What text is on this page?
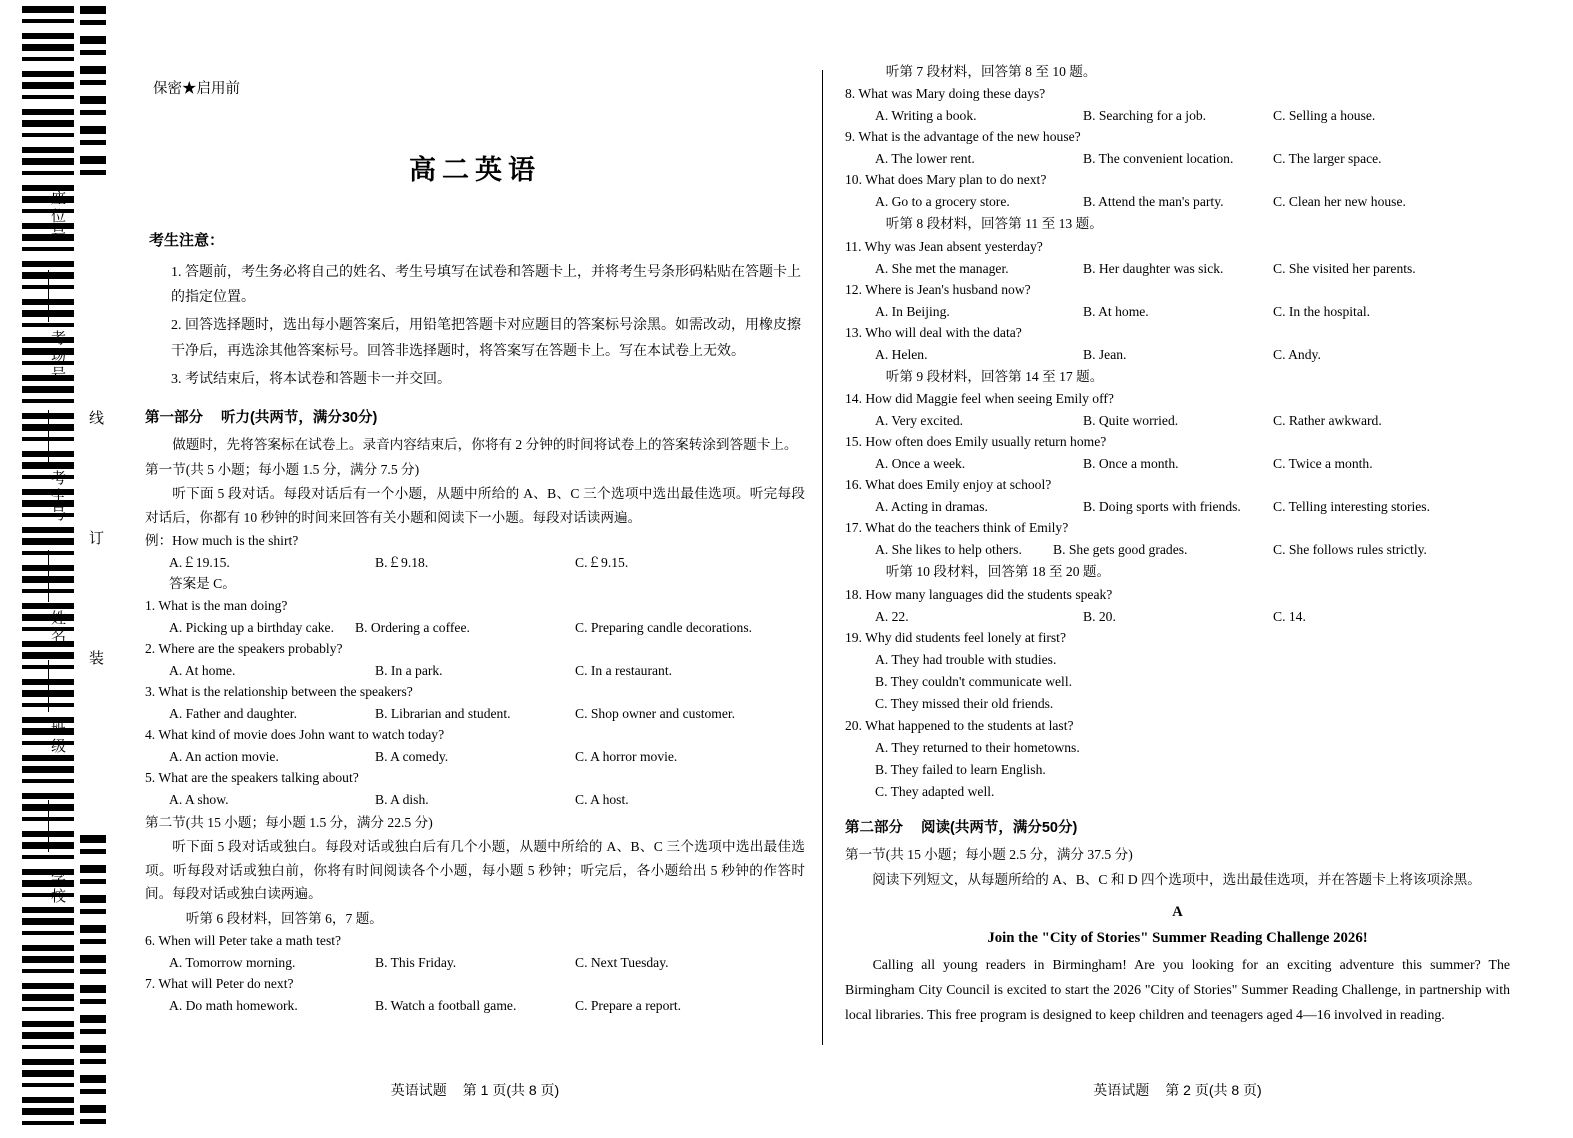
座位号
考场号
考生号
姓名
班级
学校
线
订
装
保密★启用前
高二英语
考生注意：
1. 答题前，考生务必将自己的姓名、考生号填写在试卷和答题卡上，并将考生号条形码粘贴在答题卡上的指定位置。
2. 回答选择题时，选出每小题答案后，用铅笔把答题卡对应题目的答案标号涂黑。如需改动，用橡皮擦干净后，再选涂其他答案标号。回答非选择题时，将答案写在答题卡上。写在本试卷上无效。
3. 考试结束后，将本试卷和答题卡一并交回。
第一部分 听力(共两节，满分30分)
做题时，先将答案标在试卷上。录音内容结束后，你将有 2 分钟的时间将试卷上的答案转涂到答题卡上。
第一节(共 5 小题；每小题 1.5 分，满分 7.5 分)
听下面 5 段对话。每段对话后有一个小题，从题中所给的 A、B、C 三个选项中选出最佳选项。听完每段对话后，你都有 10 秒钟的时间来回答有关小题和阅读下一小题。每段对话读两遍。
例：How much is the shirt?
A.￡19.15.	B.￡9.18.	C.￡9.15.
答案是 C。
1. What is the man doing?
A. Picking up a birthday cake. B. Ordering a coffee.	C. Preparing candle decorations.
2. Where are the speakers probably?
A. At home.	B. In a park.	C. In a restaurant.
3. What is the relationship between the speakers?
A. Father and daughter.	B. Librarian and student.	C. Shop owner and customer.
4. What kind of movie does John want to watch today?
A. An action movie.	B. A comedy.	C. A horror movie.
5. What are the speakers talking about?
A. A show.	B. A dish.	C. A host.
第二节(共 15 小题；每小题 1.5 分，满分 22.5 分)
听下面 5 段对话或独白。每段对话或独白后有几个小题，从题中所给的 A、B、C 三个选项中选出最佳选项。听每段对话或独白前，你将有时间阅读各个小题，每小题 5 秒钟；听完后，各小题给出 5 秒钟的作答时间。每段对话或独白读两遍。
听第 6 段材料，回答第 6，7 题。
6. When will Peter take a math test?
A. Tomorrow morning.	B. This Friday.	C. Next Tuesday.
7. What will Peter do next?
A. Do math homework.	B. Watch a football game.	C. Prepare a report.
听第 7 段材料，回答第 8 至 10 题。
8. What was Mary doing these days?
A. Writing a book.	B. Searching for a job.	C. Selling a house.
9. What is the advantage of the new house?
A. The lower rent.	B. The convenient location.	C. The larger space.
10. What does Mary plan to do next?
A. Go to a grocery store.	B. Attend the man's party.	C. Clean her new house.
听第 8 段材料，回答第 11 至 13 题。
11. Why was Jean absent yesterday?
A. She met the manager.	B. Her daughter was sick.	C. She visited her parents.
12. Where is Jean's husband now?
A. In Beijing.	B. At home.	C. In the hospital.
13. Who will deal with the data?
A. Helen.	B. Jean.	C. Andy.
听第 9 段材料，回答第 14 至 17 题。
14. How did Maggie feel when seeing Emily off?
A. Very excited.	B. Quite worried.	C. Rather awkward.
15. How often does Emily usually return home?
A. Once a week.	B. Once a month.	C. Twice a month.
16. What does Emily enjoy at school?
A. Acting in dramas.	B. Doing sports with friends. C. Telling interesting stories.
17. What do the teachers think of Emily?
A. She likes to help others. B. She gets good grades.	C. She follows rules strictly.
听第 10 段材料，回答第 18 至 20 题。
18. How many languages did the students speak?
A. 22.	B. 20.	C. 14.
19. Why did students feel lonely at first?
A. They had trouble with studies.
B. They couldn't communicate well.
C. They missed their old friends.
20. What happened to the students at last?
A. They returned to their hometowns.
B. They failed to learn English.
C. They adapted well.
第二部分 阅读(共两节，满分50分)
第一节(共 15 小题；每小题 2.5 分，满分 37.5 分)
阅读下列短文，从每题所给的 A、B、C 和 D 四个选项中，选出最佳选项，并在答题卡上将该项涂黑。
A
Join the "City of Stories" Summer Reading Challenge 2026!
Calling all young readers in Birmingham! Are you looking for an exciting adventure this summer? The Birmingham City Council is excited to start the 2026 "City of Stories" Summer Reading Challenge, in partnership with local libraries. This free program is designed to keep children and teenagers aged 4—16 involved in reading.
英语试题 第 1 页(共 8 页)	英语试题 第 2 页(共 8 页)
